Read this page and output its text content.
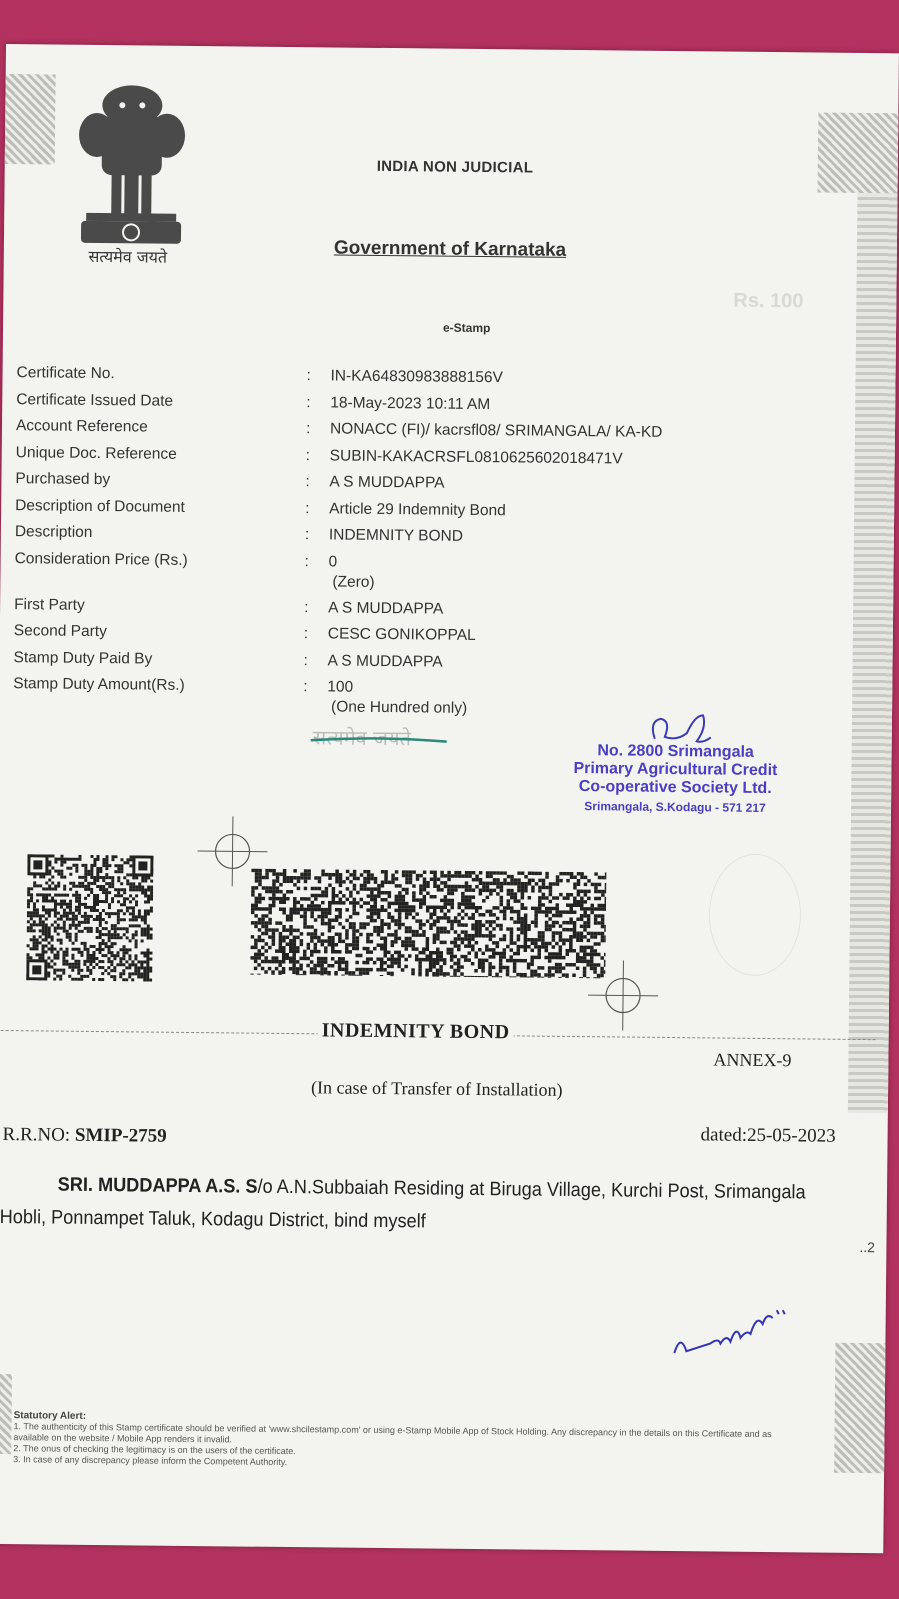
सत्यमेव जयते
INDIA NON JUDICIAL
Government of Karnataka
Rs. 100
e-Stamp
Certificate No.	: IN-KA64830983888156V
Certificate Issued Date	: 18-May-2023 10:11 AM
Account Reference	: NONACC (FI)/ kacrsfl08/ SRIMANGALA/ KA-KD
Unique Doc. Reference	: SUBIN-KAKACRSFL0810625602018471V
Purchased by	: A S MUDDAPPA
Description of Document	: Article 29 Indemnity Bond
Description	: INDEMNITY BOND
Consideration Price (Rs.)	: 0
(Zero)
First Party	: A S MUDDAPPA
Second Party	: CESC GONIKOPPAL
Stamp Duty Paid By	: A S MUDDAPPA
Stamp Duty Amount(Rs.)	: 100
(One Hundred only)
सत्यमेव जयते
No. 2800 Srimangala
Primary Agricultural Credit
Co-operative Society Ltd.
Srimangala, S.Kodagu - 571 217
INDEMNITY BOND
ANNEX-9
(In case of Transfer of Installation)
R.R.NO: SMIP-2759	dated:25-05-2023
SRI. MUDDAPPA A.S. S/o A.N.Subbaiah Residing at Biruga Village, Kurchi Post, Srimangala
Hobli, Ponnampet Taluk, Kodagu District, bind myself
..2
Statutory Alert:
1. The authenticity of this Stamp certificate should be verified at 'www.shcilestamp.com' or using e-Stamp Mobile App of Stock Holding. Any discrepancy in the details on this Certificate and as available on the website / Mobile App renders it invalid.
2. The onus of checking the legitimacy is on the users of the certificate.
3. In case of any discrepancy please inform the Competent Authority.
